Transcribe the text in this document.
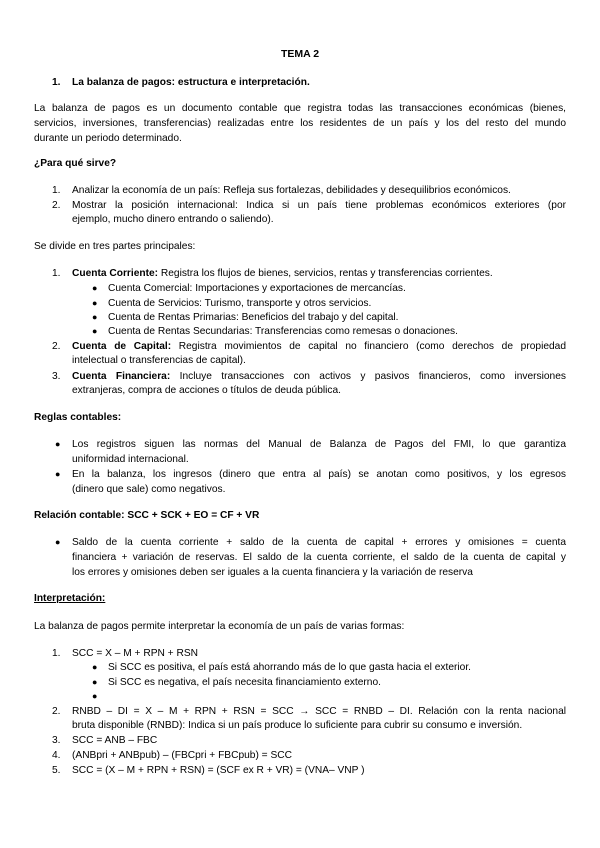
TEMA 2
1. La balanza de pagos: estructura e interpretación.
La balanza de pagos es un documento contable que registra todas las transacciones económicas (bienes,
servicios, inversiones, transferencias) realizadas entre los residentes de un país y los del resto del mundo
durante un periodo determinado.
¿Para qué sirve?
1. Analizar la economía de un país: Refleja sus fortalezas, debilidades y desequilibrios económicos.
2. Mostrar la posición internacional: Indica si un país tiene problemas económicos exteriores (por
ejemplo, mucho dinero entrando o saliendo).
Se divide en tres partes principales:
1. Cuenta Corriente: Registra los flujos de bienes, servicios, rentas y transferencias corrientes.
● Cuenta Comercial: Importaciones y exportaciones de mercancías.
● Cuenta de Servicios: Turismo, transporte y otros servicios.
● Cuenta de Rentas Primarias: Beneficios del trabajo y del capital.
● Cuenta de Rentas Secundarias: Transferencias como remesas o donaciones.
2. Cuenta de Capital: Registra movimientos de capital no financiero (como derechos de propiedad
intelectual o transferencias de capital).
3. Cuenta Financiera: Incluye transacciones con activos y pasivos financieros, como inversiones
extranjeras, compra de acciones o títulos de deuda pública.
Reglas contables:
● Los registros siguen las normas del Manual de Balanza de Pagos del FMI, lo que garantiza
uniformidad internacional.
● En la balanza, los ingresos (dinero que entra al país) se anotan como positivos, y los egresos
(dinero que sale) como negativos.
Relación contable: SCC + SCK + EO = CF + VR
● Saldo de la cuenta corriente + saldo de la cuenta de capital + errores y omisiones = cuenta
financiera + variación de reservas. El saldo de la cuenta corriente, el saldo de la cuenta de capital y
los errores y omisiones deben ser iguales a la cuenta financiera y la variación de reserva
Interpretación:
La balanza de pagos permite interpretar la economía de un país de varias formas:
1. SCC = X – M + RPN + RSN
● Si SCC es positiva, el país está ahorrando más de lo que gasta hacia el exterior.
● Si SCC es negativa, el país necesita financiamiento externo.
●
2. RNBD – DI = X – M + RPN + RSN = SCC → SCC = RNBD – DI. Relación con la renta nacional
bruta disponible (RNBD): Indica si un país produce lo suficiente para cubrir su consumo e inversión.
3. SCC = ANB – FBC
4. (ANBpri + ANBpub) – (FBCpri + FBCpub) = SCC
5. SCC = (X – M + RPN + RSN) = (SCF ex R + VR) = (VNA– VNP )
